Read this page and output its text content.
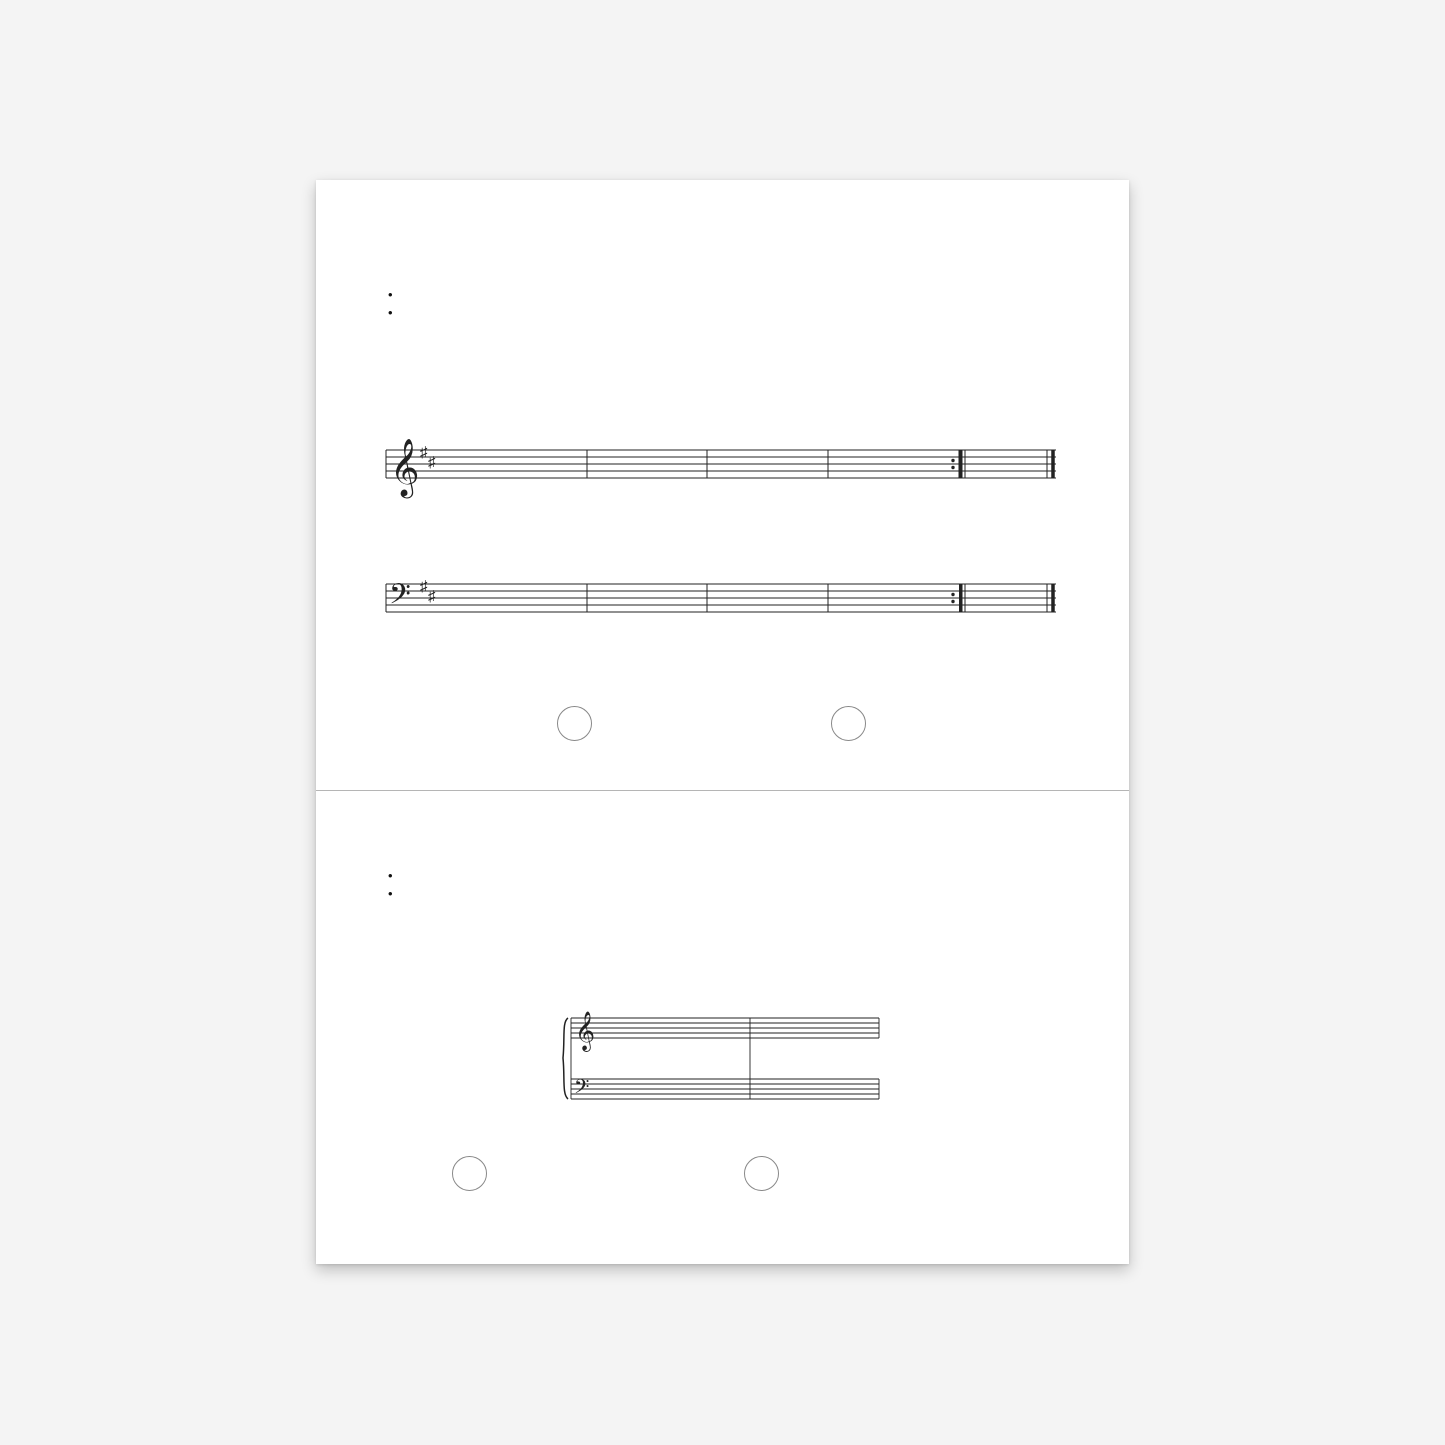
𝄞 ♯
♯
𝄢 ♯
♯
𝄞
𝄢
